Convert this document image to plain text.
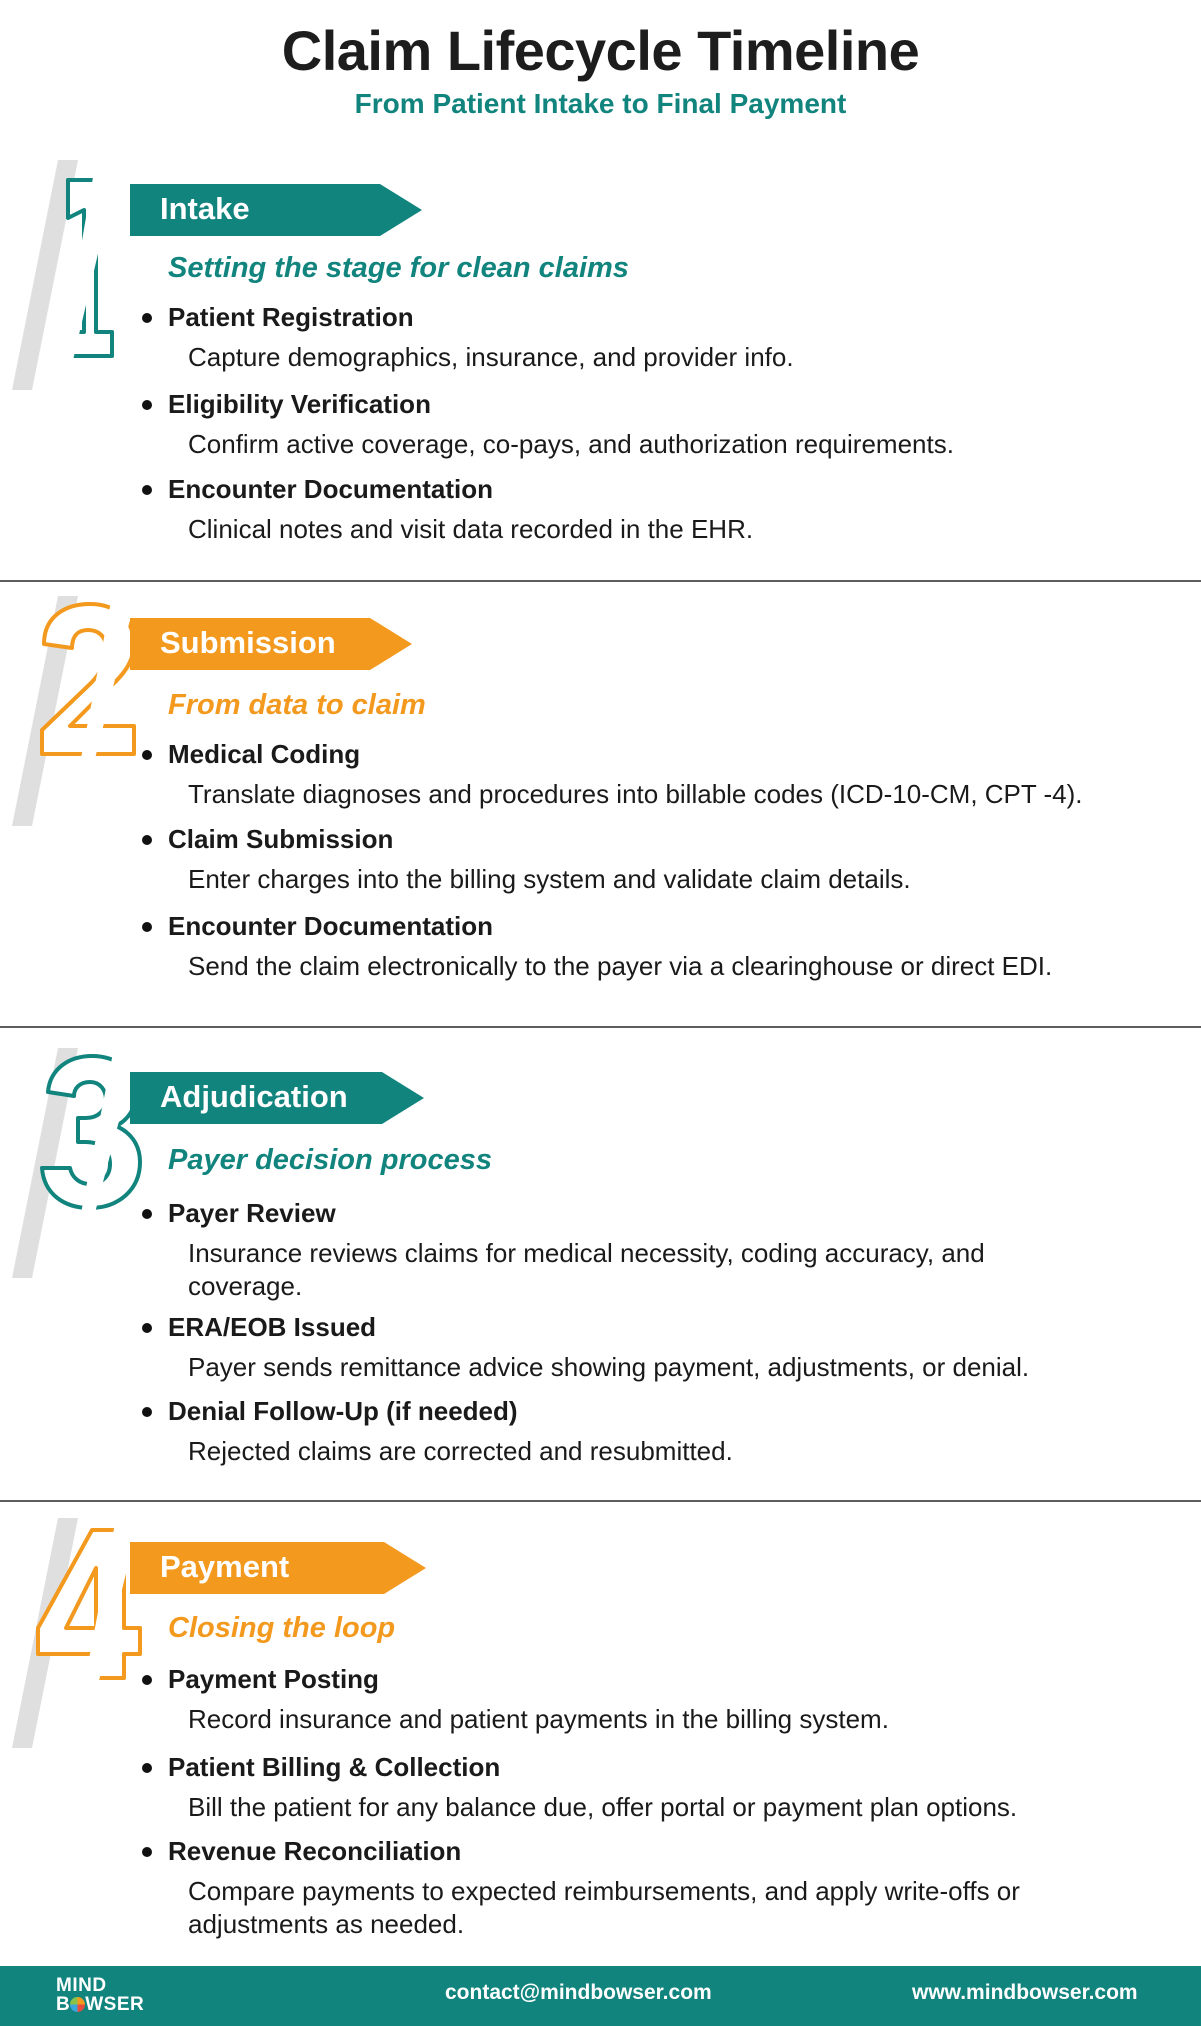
Claim Lifecycle Timeline
From Patient Intake to Final Payment
Intake
Setting the stage for clean claims
Patient Registration
Capture demographics, insurance, and provider info.
Eligibility Verification
Confirm active coverage, co-pays, and authorization requirements.
Encounter Documentation
Clinical notes and visit data recorded in the EHR.
Submission
From data to claim
Medical Coding
Translate diagnoses and procedures into billable codes (ICD-10-CM, CPT -4).
Claim Submission
Enter charges into the billing system and validate claim details.
Encounter Documentation
Send the claim electronically to the payer via a clearinghouse or direct EDI.
Adjudication
Payer decision process
Payer Review
Insurance reviews claims for medical necessity, coding accuracy, and coverage.
ERA/EOB Issued
Payer sends remittance advice showing payment, adjustments, or denial.
Denial Follow-Up (if needed)
Rejected claims are corrected and resubmitted.
Payment
Closing the loop
Payment Posting
Record insurance and patient payments in the billing system.
Patient Billing & Collection
Bill the patient for any balance due, offer portal or payment plan options.
Revenue Reconciliation
Compare payments to expected reimbursements, and apply write-offs or adjustments as needed.
MIND
B WSER
contact@mindbowser.com	www.mindbowser.com
